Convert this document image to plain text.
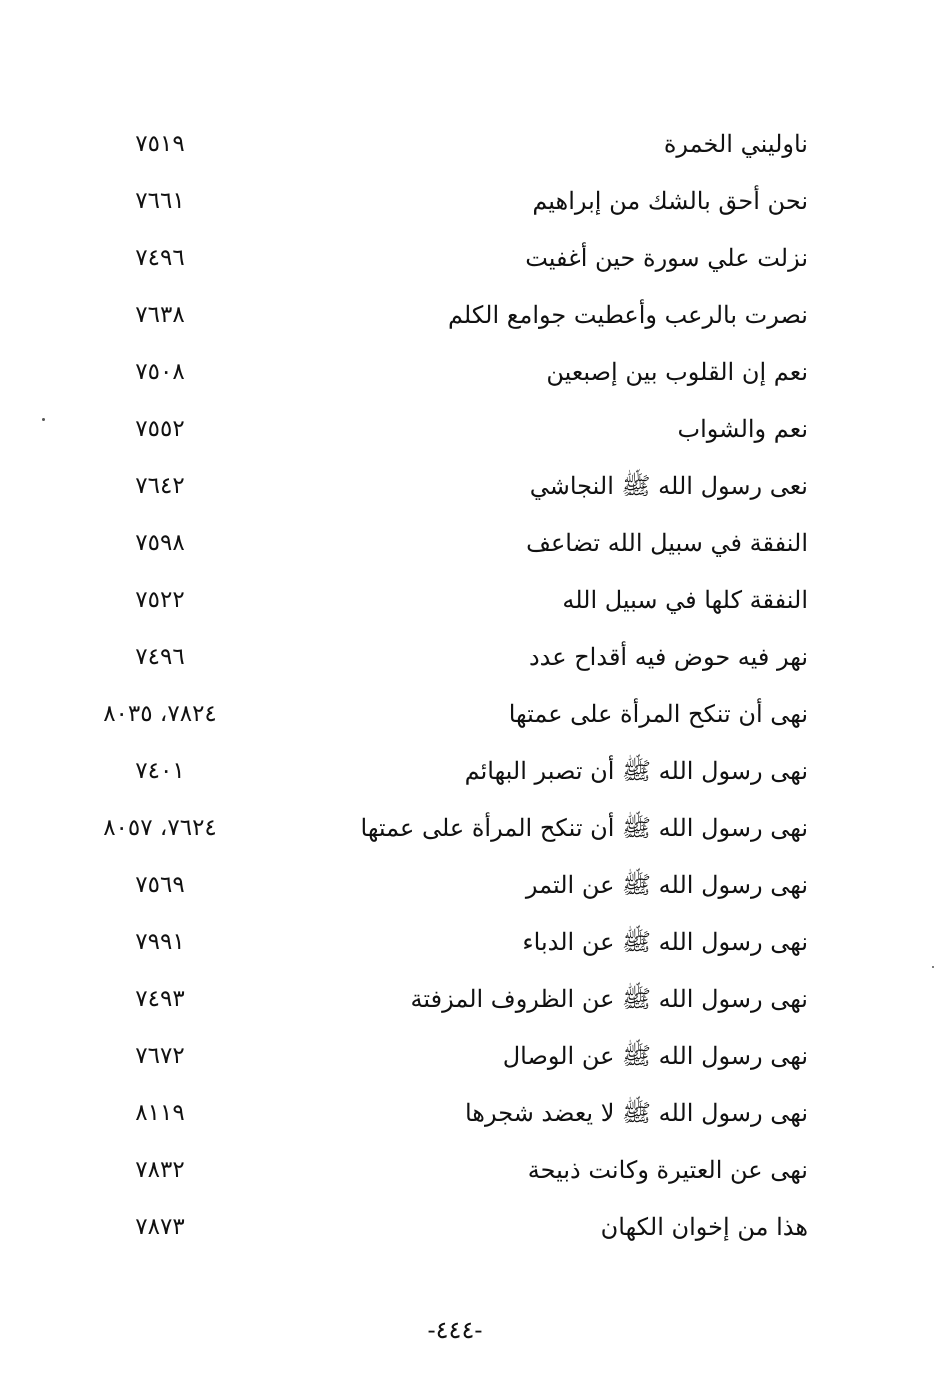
ناوليني الخمرة
٧٥١٩
نحن أحق بالشك من إبراهيم
٧٦٦١
نزلت علي سورة حين أغفيت
٧٤٩٦
نصرت بالرعب وأعطيت جوامع الكلم
٧٦٣٨
نعم إن القلوب بين إصبعين
٧٥٠٨
نعم والشواب
٧٥٥٢
نعى رسول الله ﷺ النجاشي
٧٦٤٢
النفقة في سبيل الله تضاعف
٧٥٩٨
النفقة كلها في سبيل الله
٧٥٢٢
نهر فيه حوض فيه أقداح عدد
٧٤٩٦
نهى أن تنكح المرأة على عمتها
٧٨٢٤، ٨٠٣٥
نهى رسول الله ﷺ أن تصبر البهائم
٧٤٠١
نهى رسول الله ﷺ أن تنكح المرأة على عمتها
٧٦٢٤، ٨٠٥٧
نهى رسول الله ﷺ عن التمر
٧٥٦٩
نهى رسول الله ﷺ عن الدباء
٧٩٩١
نهى رسول الله ﷺ عن الظروف المزفتة
٧٤٩٣
نهى رسول الله ﷺ عن الوصال
٧٦٧٢
نهى رسول الله ﷺ لا يعضد شجرها
٨١١٩
نهى عن العتيرة وكانت ذبيحة
٧٨٣٢
هذا من إخوان الكهان
٧٨٧٣
-٤٤٤-
